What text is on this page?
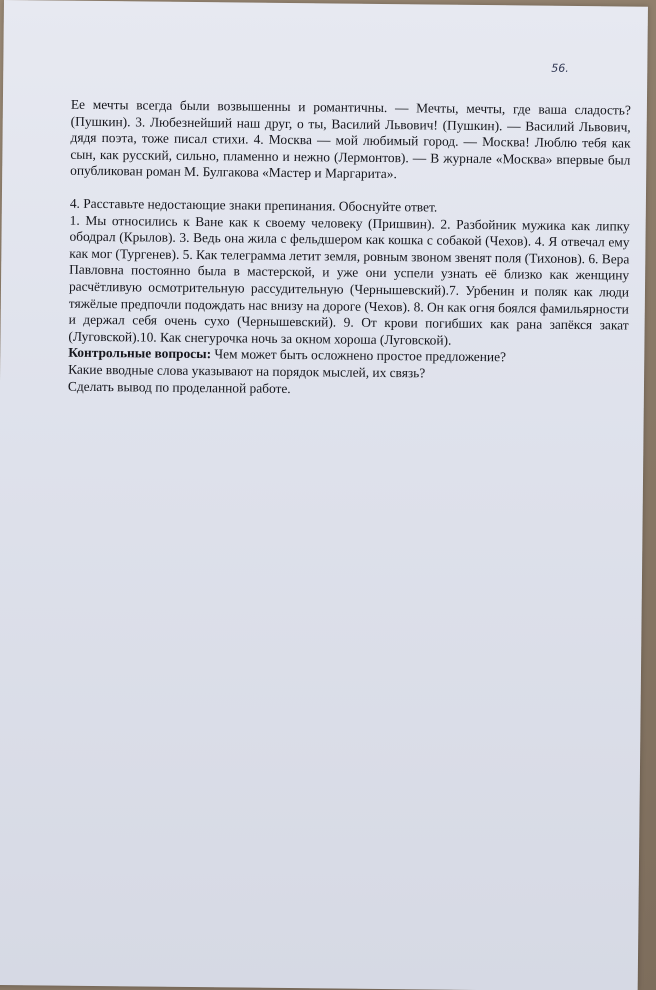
56.

Ее мечты всегда были возвышенны и романтичны. — Мечты, мечты, где ваша сладость? (Пушкин). 3. Любезнейший наш друг, о ты, Василий Львович! (Пушкин). — Василий Львович, дядя поэта, тоже писал стихи. 4. Москва — мой любимый город. — Москва! Люблю тебя как сын, как русский, сильно, пламенно и нежно (Лермонтов). — В журнале «Москва» впервые был опубликован роман М. Булгакова «Мастер и Маргарита».

4. Расставьте недостающие знаки препинания. Обоснуйте ответ.

1. Мы относились к Ване как к своему человеку (Пришвин). 2. Разбойник мужика как липку ободрал (Крылов). 3. Ведь она жила с фельдшером как кошка с собакой (Чехов). 4. Я отвечал ему как мог (Тургенев). 5. Как телеграмма летит земля, ровным звоном звенят поля (Тихонов). 6. Вера Павловна постоянно была в мастерской, и уже они успели узнать её близко как женщину расчётливую осмотрительную рассудительную (Чернышевский).7. Урбенин и поляк как люди тяжёлые предпочли подождать нас внизу на дороге (Чехов). 8. Он как огня боялся фамильярности и держал себя очень сухо (Чернышевский). 9. От крови погибших как рана запёкся закат (Луговской).10. Как снегурочка ночь за окном хороша (Луговской).

Контрольные вопросы: Чем может быть осложнено простое предложение?

Какие вводные слова указывают на порядок мыслей, их связь?

Сделать вывод по проделанной работе.
